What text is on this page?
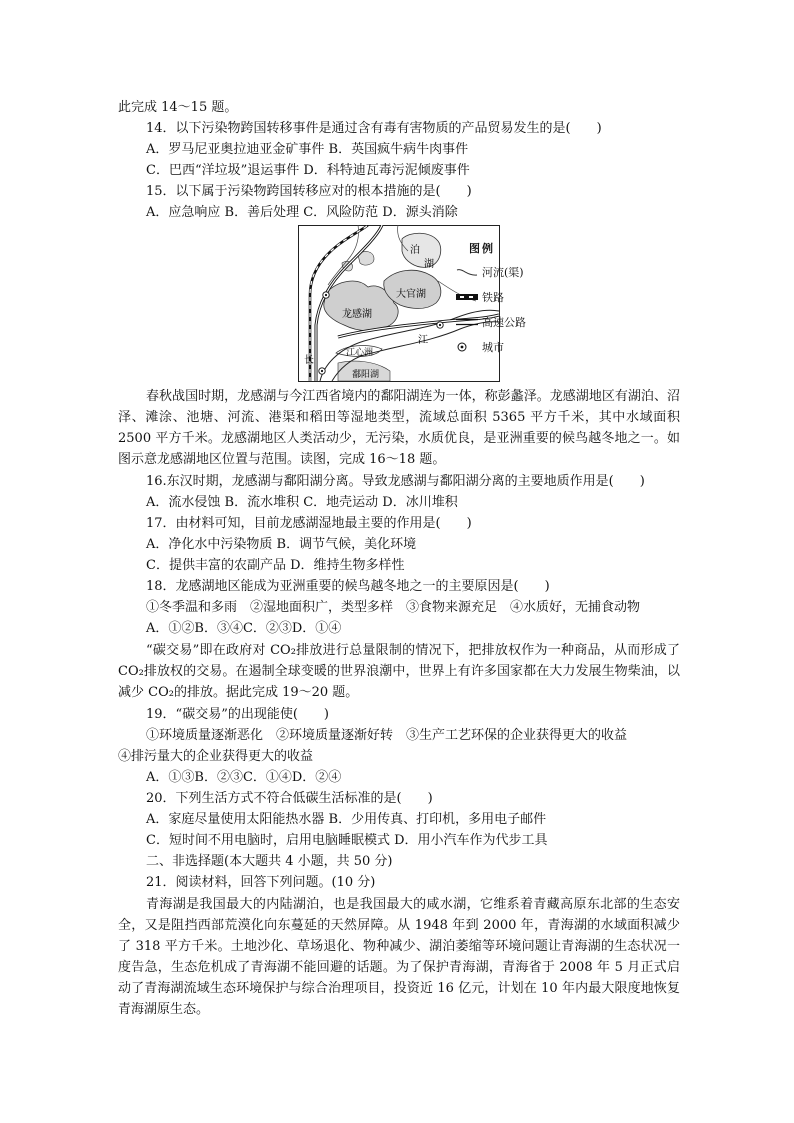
此完成 14～15 题。
14．以下污染物跨国转移事件是通过含有毒有害物质的产品贸易发生的是(　　)
A．罗马尼亚奥拉迪亚金矿事件 B．英国疯牛病牛肉事件
C．巴西“洋垃圾”退运事件 D．科特迪瓦毒污泥倾废事件
15．以下属于污染物跨国转移应对的根本措施的是(　　)
A．应急响应 B．善后处理 C．风险防范 D．源头消除
泊
湖
大官湖
龙感湖
江
长
江心洲
鄱阳湖
图例
河流(渠)
铁路
高速公路
城市
春秋战国时期，龙感湖与今江西省境内的鄱阳湖连为一体，称彭蠡泽。龙感湖地区有湖泊、沼泽、滩涂、池塘、河流、港渠和稻田等湿地类型，流域总面积 5365 平方千米，其中水域面积 2500 平方千米。龙感湖地区人类活动少，无污染，水质优良，是亚洲重要的候鸟越冬地之一。如图示意龙感湖地区位置与范围。读图，完成 16～18 题。
16.东汉时期，龙感湖与鄱阳湖分离。导致龙感湖与鄱阳湖分离的主要地质作用是(　　)
A．流水侵蚀 B．流水堆积 C．地壳运动 D．冰川堆积
17．由材料可知，目前龙感湖湿地最主要的作用是(　　)
A．净化水中污染物质 B．调节气候，美化环境
C．提供丰富的农副产品 D．维持生物多样性
18．龙感湖地区能成为亚洲重要的候鸟越冬地之一的主要原因是(　　)
①冬季温和多雨　②湿地面积广，类型多样　③食物来源充足　④水质好，无捕食动物
A．①②B．③④C．②③D．①④
“碳交易”即在政府对 CO₂排放进行总量限制的情况下，把排放权作为一种商品，从而形成了 CO₂排放权的交易。在遏制全球变暖的世界浪潮中，世界上有许多国家都在大力发展生物柴油，以减少 CO₂的排放。据此完成 19～20 题。
19．“碳交易”的出现能使(　　)
①环境质量逐渐恶化　②环境质量逐渐好转　③生产工艺环保的企业获得更大的收益
④排污量大的企业获得更大的收益
A．①③B．②③C．①④D．②④
20．下列生活方式不符合低碳生活标准的是(　　)
A．家庭尽量使用太阳能热水器 B．少用传真、打印机，多用电子邮件
C．短时间不用电脑时，启用电脑睡眠模式 D．用小汽车作为代步工具
二、非选择题(本大题共 4 小题，共 50 分)
21．阅读材料，回答下列问题。(10 分)
青海湖是我国最大的内陆湖泊，也是我国最大的咸水湖，它维系着青藏高原东北部的生态安全，又是阻挡西部荒漠化向东蔓延的天然屏障。从 1948 年到 2000 年，青海湖的水域面积减少了 318 平方千米。土地沙化、草场退化、物种减少、湖泊萎缩等环境问题让青海湖的生态状况一度告急，生态危机成了青海湖不能回避的话题。为了保护青海湖，青海省于 2008 年 5 月正式启动了青海湖流域生态环境保护与综合治理项目，投资近 16 亿元，计划在 10 年内最大限度地恢复青海湖原生态。
